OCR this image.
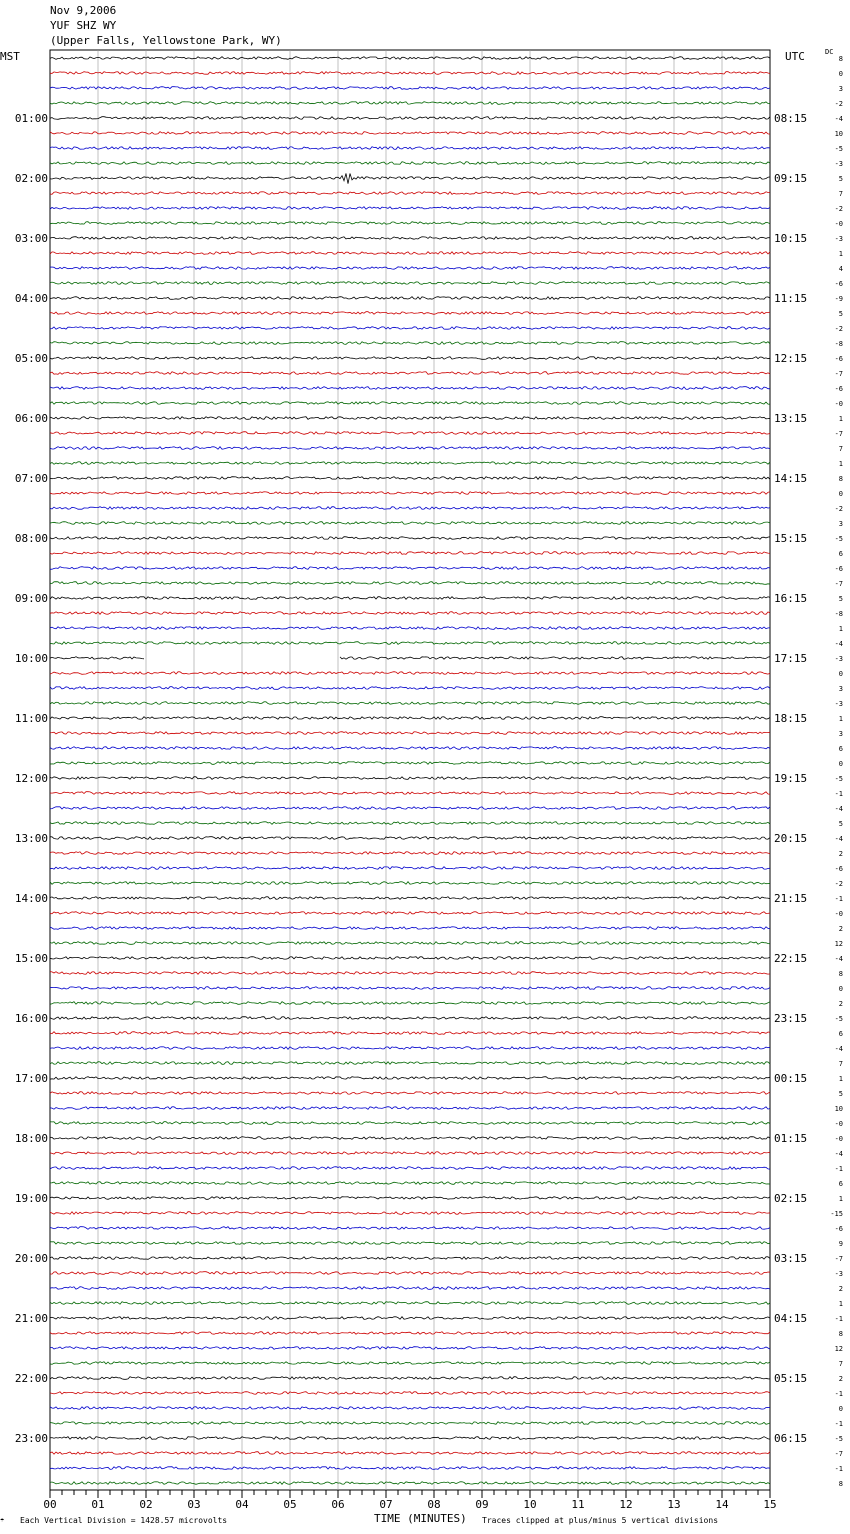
Nov 9,2006
YUF SHZ WY
(Upper Falls, Yellowstone Park, WY)
MST	UTC	DC
8
0
3
-2
-4
10
-5
-3
5
7
-2
-0
-3
1
4
-6
-9
5
-2
-8
-6
-7
-6
-0
1
-7
7
1
8
0
-2
3
-5
6
-6
-7
5
-8
1
-4
-3
0
3
-3
1
3
6
0
-5
-1
-4
5
-4
2
-6
-2
-1
-0
2
12
-4
8
0
2
-5
6
-4
7
1
5
10
-0
-0
-4
-1
6
1
-15
-6
9
-7
-3
2
1
-1
8
12
7
2
-1
0
-1
-5
-7
-1
8
01:00	08:15
02:00	09:15
03:00	10:15
04:00	11:15
05:00	12:15
06:00	13:15
07:00	14:15
08:00	15:15
09:00	16:15
10:00	17:15
11:00	18:15
12:00	19:15
13:00	20:15
14:00	21:15
15:00	22:15
16:00	23:15
17:00	00:15
18:00	01:15
19:00	02:15
20:00	03:15
21:00	04:15
22:00	05:15
23:00	06:15
00	01	02	03	04	05	06	07	08	09	10	11	12	13	14	15
☂ Each Vertical Division = 1428.57 microvolts	TIME (MINUTES) Traces clipped at plus/minus 5 vertical divisions
